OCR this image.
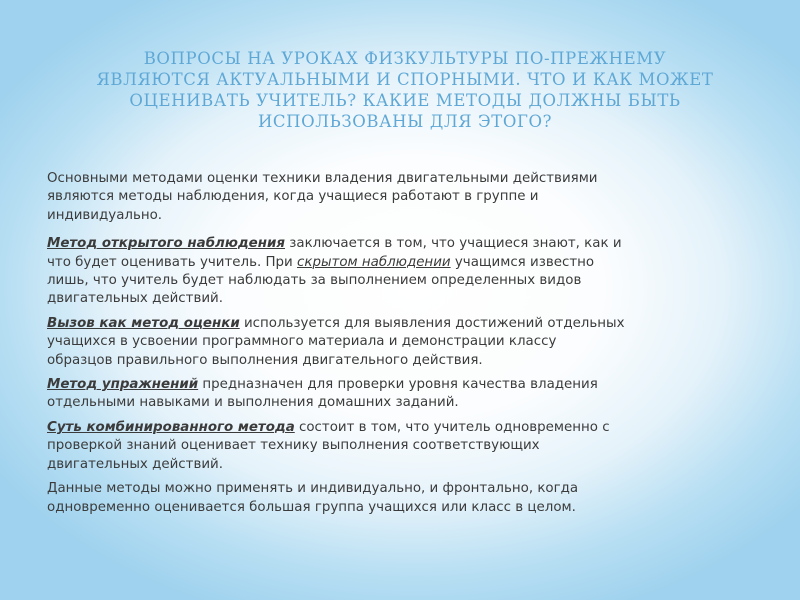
ВОПРОСЫ НА УРОКАХ ФИЗКУЛЬТУРЫ ПО-ПРЕЖНЕМУ
ЯВЛЯЮТСЯ АКТУАЛЬНЫМИ И СПОРНЫМИ. ЧТО И КАК МОЖЕТ
ОЦЕНИВАТЬ УЧИТЕЛЬ? КАКИЕ МЕТОДЫ ДОЛЖНЫ БЫТЬ
ИСПОЛЬЗОВАНЫ ДЛЯ ЭТОГО?

Основными методами оценки техники владения двигательными действиями
являются методы наблюдения, когда учащиеся работают в группе и
индивидуально.

Метод открытого наблюдения заключается в том, что учащиеся знают, как и
что будет оценивать учитель. При скрытом наблюдении учащимся известно
лишь, что учитель будет наблюдать за выполнением определенных видов
двигательных действий.

Вызов как метод оценки используется для выявления достижений отдельных
учащихся в усвоении программного материала и демонстрации классу
образцов правильного выполнения двигательного действия.

Метод упражнений предназначен для проверки уровня качества владения
отдельными навыками и выполнения домашних заданий.

Суть комбинированного метода состоит в том, что учитель одновременно с
проверкой знаний оценивает технику выполнения соответствующих
двигательных действий.

Данные методы можно применять и индивидуально, и фронтально, когда
одновременно оценивается большая группа учащихся или класс в целом.
